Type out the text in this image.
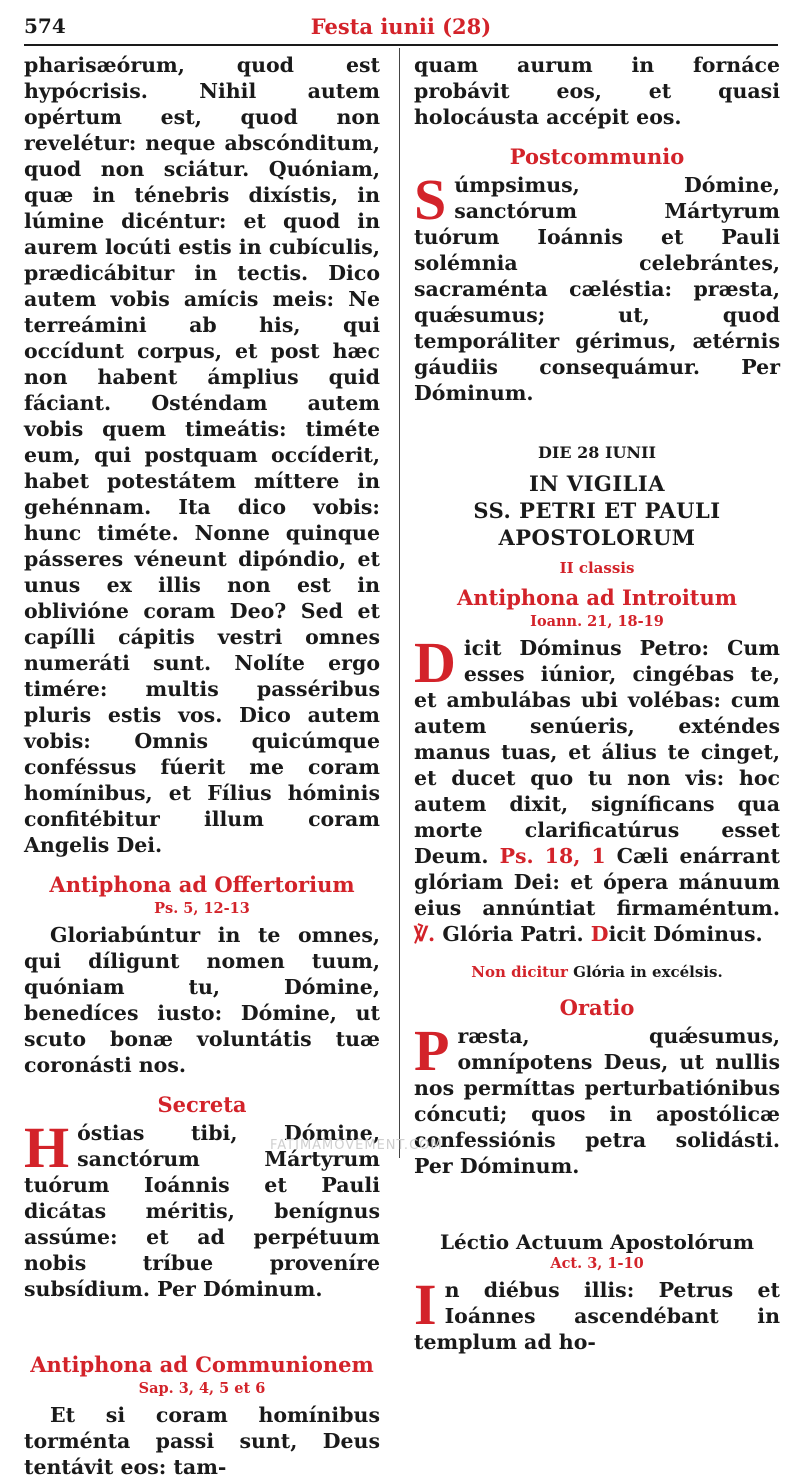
574	Festa iunii (28)

pharisæórum, quod est hypócrisis. Nihil autem opértum est, quod non revelétur: neque abscónditum, quod non sciátur. Quóniam, quæ in ténebris dixístis, in lúmine dicéntur: et quod in aurem locúti estis in cubículis, prædicábitur in tectis. Dico autem vobis amícis meis: Ne terreámini ab his, qui occídunt corpus, et post hæc non habent ámplius quid fáciant. Osténdam autem vobis quem timeátis: timéte eum, qui postquam occíderit, habet potestátem míttere in gehénnam. Ita dico vobis: hunc timéte. Nonne quinque pásseres véneunt dipóndio, et unus ex illis non est in oblivióne coram Deo? Sed et capílli cápitis vestri omnes numeráti sunt. Nolíte ergo timére: multis passéribus pluris estis vos. Dico autem vobis: Omnis quicúmque conféssus fúerit me coram homínibus, et Fílius hóminis confitébitur illum coram Angelis Dei.

Antiphona ad Offertorium
Ps. 5, 12-13

Gloriabúntur in te omnes, qui díligunt nomen tuum, quóniam tu, Dómine, benedíces iusto: Dómine, ut scuto bonæ voluntátis tuæ coronásti nos.

Secreta

Hóstias tibi, Dómine, sanctórum Mártyrum tuórum Ioánnis et Pauli dicátas méritis, benígnus assúme: et ad perpétuum nobis tríbue proveníre subsídium. Per Dóminum.

Antiphona ad Communionem
Sap. 3, 4, 5 et 6

Et si coram homínibus torménta passi sunt, Deus tentávit eos: tam-

quam aurum in fornáce probávit eos, et quasi holocáusta accépit eos.

Postcommunio

Súmpsimus, Dómine, sanctórum Mártyrum tuórum Ioánnis et Pauli solémnia celebrántes, sacraménta cæléstia: præsta, quǽsumus; ut, quod temporáliter gérimus, ætérnis gáudiis consequámur. Per Dóminum.

DIE 28 IUNII
IN VIGILIA
SS. PETRI ET PAULI
APOSTOLORUM
II classis
Antiphona ad Introitum
Ioann. 21, 18-19

Dicit Dóminus Petro: Cum esses iúnior, cingébas te, et ambulábas ubi volébas: cum autem senúeris, exténdes manus tuas, et álius te cinget, et ducet quo tu non vis: hoc autem dixit, signíficans qua morte clarificatúrus esset Deum. Ps. 18, 1 Cæli enárrant glóriam Dei: et ópera mánuum eius annúntiat firmaméntum. ℣. Glória Patri. Dicit Dóminus.

Non dicitur Glória in excélsis.
Oratio

Præsta, quǽsumus, omnípotens Deus, ut nullis nos permíttas perturbatiónibus cóncuti; quos in apostólicæ confessiónis petra solidásti. Per Dóminum.

Léctio Actuum Apostolórum
Act. 3, 1-10

In diébus illis: Petrus et Ioánnes ascendébant in templum ad ho-

FATIMAMOVEMENT.COM
